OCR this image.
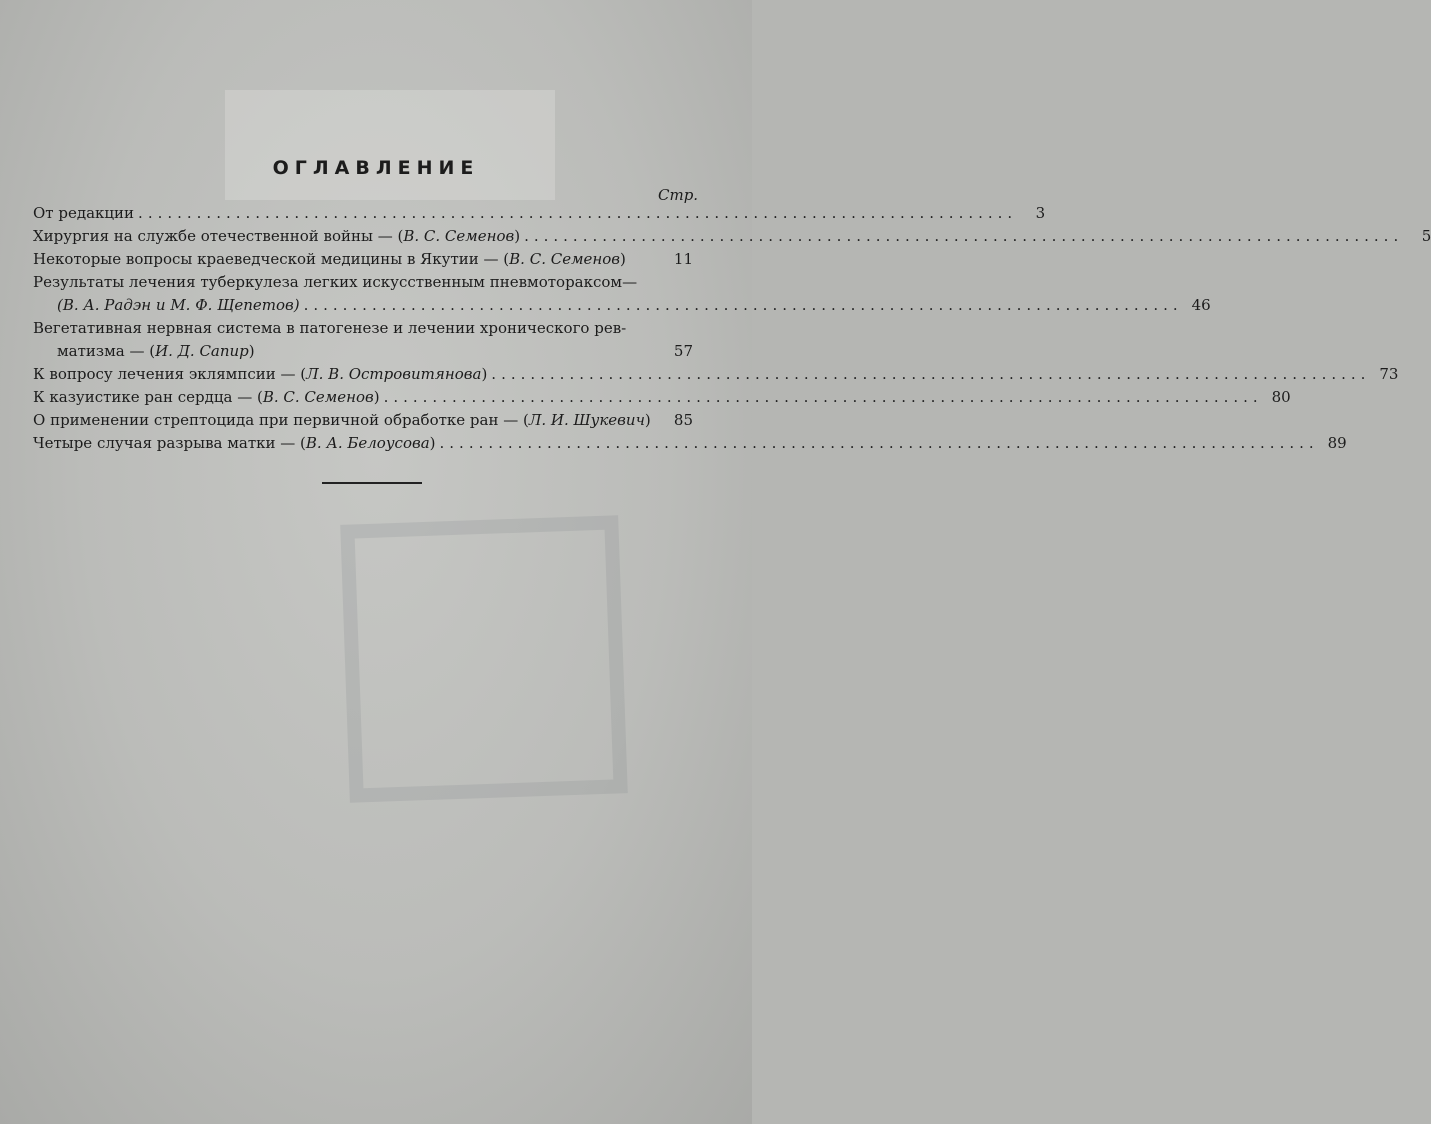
ОГЛАВЛЕНИЕ
Стр.
От редакции ..........................................................................................	3
Хирургия на службе отечественной войны — (В. С. Семенов) ..........................................................................................	5
Некоторые вопросы краеведческой медицины в Якутии — (В. С. Семенов)	11
Результаты лечения туберкулеза легких искусственным пневмотораксом—
(В. А. Радэн и М. Ф. Щепетов) .......................................................................................... 46
Вегетативная нервная система в патогенезе и лечении хронического рев-
матизма — (И. Д. Сапир)	57
К вопросу лечения эклямпсии — (Л. В. Островитянова) .......................................................................................... 73
К казуистике ран сердца — (В. С. Семенов) .......................................................................................... 80
О применении стрептоцида при первичной обработке ран — (Л. И. Шукевич)	85
Четыре случая разрыва матки — (В. А. Белоусова) .......................................................................................... 89
